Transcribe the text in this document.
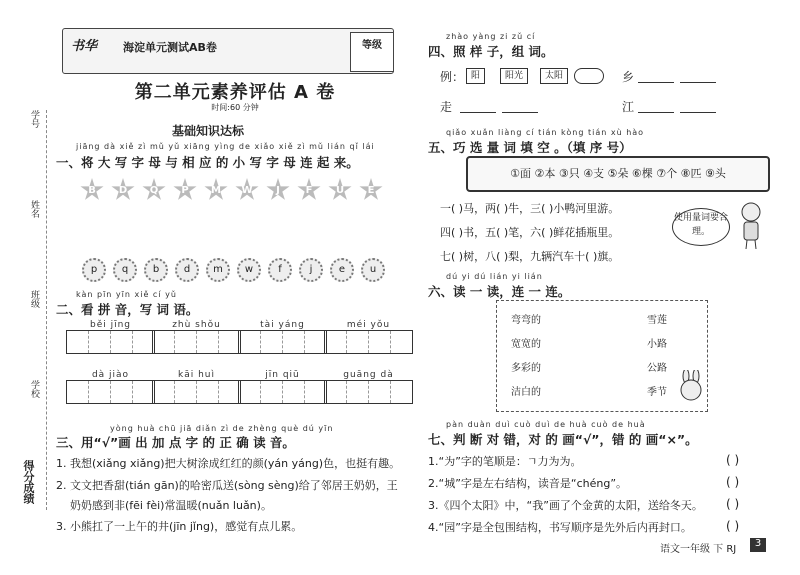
学号
姓名
班级
学校
得分成绩
书华 海淀单元测试AB卷	等级
第二单元素养评估 A 卷
时间:60 分钟
基础知识达标
jiāng dà xiě zì mǔ yǔ xiāng yìng de xiǎo xiě zì mǔ lián qǐ lái
一、将 大 写 字 母 与 相 应 的 小 写 字 母 连 起 来。
B	D	Q	P	M	W	J	F	U	E
p	q	b	d	m	w	f	j	e	u
kàn pīn yīn xiě cí yǔ
二、看 拼 音，写 词 语。
běi jīng	zhù shǒu	tài yáng	méi yǒu
dà jiào	kāi huì	jīn qiū	guāng dà
yòng huà chū jiā diǎn zì de zhèng què dú yīn
三、用“√”画 出 加 点 字 的 正 确 读 音。
1. 我想(xiǎng xiǎng)把大树涂成红红的颜(yán yáng)色，也挺有趣。
2. 文文把香甜(tián gān)的哈密瓜送(sòng sèng)给了邻居王奶奶，王
奶奶感到非(fēi fèi)常温暖(nuǎn luǎn)。
3. 小熊扛了一上午的井(jīn jǐng)，感觉有点儿累。
zhào yàng zi zǔ cí
四、照 样 子，组 词。
例： 阳	阳光	太阳	乡
走	江
qiǎo xuǎn liàng cí tián kòng tián xù hào
五、巧 选 量 词 填 空 。（填 序 号）
①面 ②本 ③只 ④支 ⑤朵 ⑥棵 ⑦个 ⑧匹 ⑨头
一( )马，两( )牛，三( )小鸭河里游。
四( )书，五( )笔，六( )鲜花插瓶里。
七( )树，八( )梨，九辆汽车十( )旗。
使用量词要合理。
dú yi dú lián yi lián
六、读 一 读，连 一 连。
弯弯的
宽宽的
多彩的
洁白的
雪莲
小路
公路
季节
pàn duàn duì cuò duì de huà cuò de huà
七、判 断 对 错，对 的 画“√”，错 的 画“×”。
1.“为”字的笔顺是：ㄱ力为为。
2.“城”字是左右结构，读音是“chéng”。
3.《四个太阳》中，“我”画了个金黄的太阳，送给冬天。
4.“园”字是全包围结构，书写顺序是先外后内再封口。
( )
( )
( )
( )
语文一年级 下 RJ
3
